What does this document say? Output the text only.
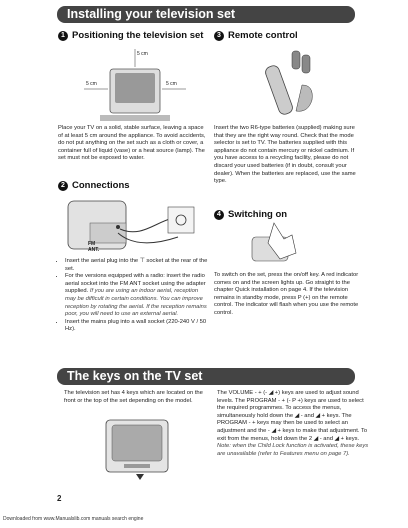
Installing your television set
1 Positioning the television set	3 Remote control
5 cm
5 cm	5 cm
Place your TV on a solid, stable surface, leaving a space of at least 5 cm around the appliance. To avoid accidents, do not put anything on the set such as a cloth or cover, a container full of liquid (vase) or a heat source (lamp). The set must not be exposed to water.
Insert the two R6-type batteries (supplied) making sure that they are the right way round. Check that the mode selector is set to TV. The batteries supplied with this appliance do not contain mercury or nickel cadmium. If you have access to a recycling facility, please do not discard your used batteries (if in doubt, consult your dealer). When the batteries are replaced, use the same type.
2 Connections
4 Switching on
FM
ANT.
• Insert the aerial plug into the ⊤ socket at the rear of the set.
• For the versions equipped with a radio: insert the radio aerial socket into the FM ANT socket using the adapter supplied. If you are using an indoor aerial, reception may be difficult in certain conditions. You can improve reception by rotating the aerial. If the reception remains poor, you will need to use an external aerial.
• Insert the mains plug into a wall socket (220-240 V / 50 Hz).
To switch on the set, press the on/off key. A red indicator comes on and the screen lights up. Go straight to the chapter Quick installation on page 4. If the television remains in standby mode, press P (+) on the remote control. The indicator will flash when you use the remote control.
The keys on the TV set
The television set has 4 keys which are located on the front or the top of the set depending on the model.

The VOLUME - + (- ◢ +) keys are used to adjust sound levels. The PROGRAM - + (- P +) keys are used to select the required programmes. To access the menus, simultaneously hold down the ◢ - and ◢ + keys. The PROGRAM - + keys may then be used to select an adjustment and the - ◢ + keys to make that adjustment. To exit from the menus, hold down the 2 ◢ - and ◢ + keys.

Note: when the Child Lock function is activated, these keys are unavailable (refer to Features menu on page 7).

2
Downloaded from www.Manualslib.com manuals search engine
